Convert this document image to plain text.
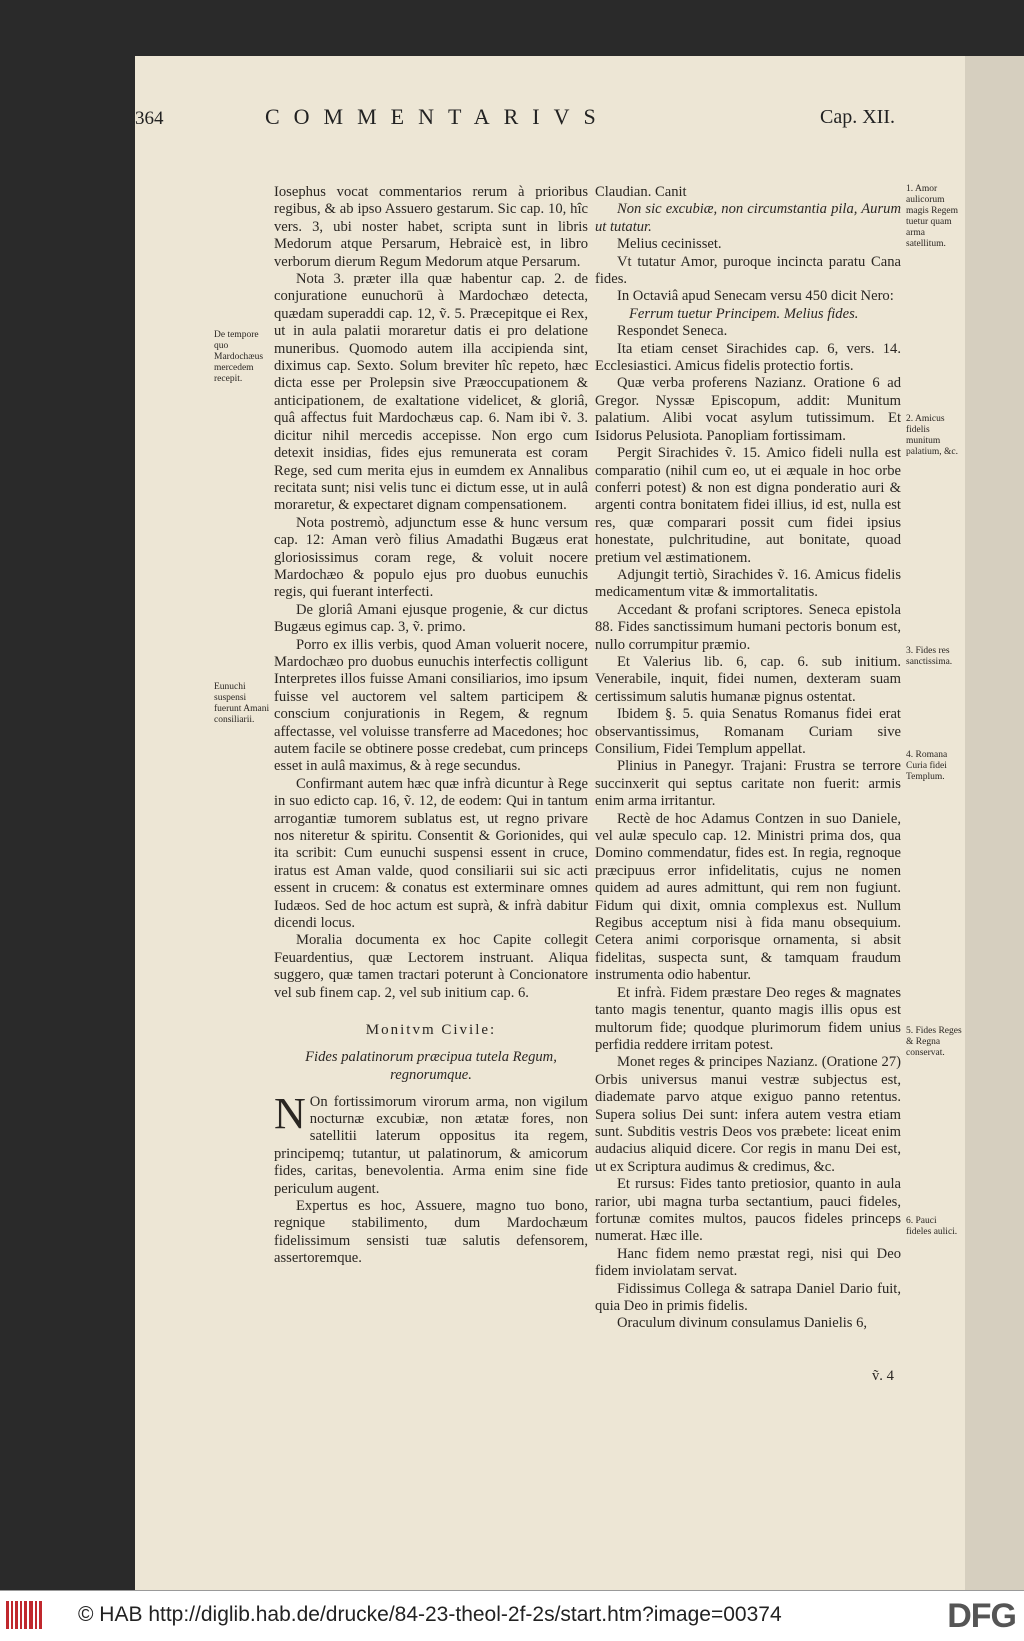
364	COMMENTARIVS	Cap. XII.

Iosephus vocat commentarios rerum à prioribus regibus, & ab ipso Assuero gestarum. Sic cap. 10, hîc vers. 3, ubi noster habet, scripta sunt in libris Medorum atque Persarum, Hebraicè est, in libro verborum dierum Regum Medorum atque Persarum.

Nota 3. præter illa quæ habentur cap. 2. de conjuratione eunuchorū à Mardochæo detecta, quædam superaddi cap. 12, ṽ. 5. Præcepitque ei Rex, ut in aula palatii moraretur datis ei pro delatione muneribus. Quomodo autem illa accipienda sint, diximus cap. Sexto. Solum breviter hîc repeto, hæc dicta esse per Prolepsin sive Præoccupationem & anticipationem, de exaltatione videlicet, & gloriâ, quâ affectus fuit Mardochæus cap. 6. Nam ibi ṽ. 3. dicitur nihil mercedis accepisse. Non ergo cum detexit insidias, fides ejus remunerata est coram Rege, sed cum merita ejus in eumdem ex Annalibus recitata sunt; nisi velis tunc ei dictum esse, ut in aulâ moraretur, & expectaret dignam compensationem.

Nota postremò, adjunctum esse & hunc versum cap. 12: Aman verò filius Amadathi Bugæus erat gloriosissimus coram rege, & voluit nocere Mardochæo & populo ejus pro duobus eunuchis regis, qui fuerant interfecti.

De gloriâ Amani ejusque progenie, & cur dictus Bugæus egimus cap. 3, ṽ. primo.

Porro ex illis verbis, quod Aman voluerit nocere, Mardochæo pro duobus eunuchis interfectis colligunt Interpretes illos fuisse Amani consiliarios, imo ipsum fuisse vel auctorem vel saltem participem & conscium conjurationis in Regem, & regnum affectasse, vel voluisse transferre ad Macedones; hoc autem facile se obtinere posse credebat, cum princeps esset in aulâ maximus, & à rege secundus.

Confirmant autem hæc quæ infrà dicuntur à Rege in suo edicto cap. 16, ṽ. 12, de eodem: Qui in tantum arrogantiæ tumorem sublatus est, ut regno privare nos niteretur & spiritu. Consentit & Gorionides, qui ita scribit: Cum eunuchi suspensi essent in cruce, iratus est Aman valde, quod consiliarii sui sic acti essent in crucem: & conatus est exterminare omnes Iudæos. Sed de hoc actum est suprà, & infrà dabitur dicendi locus.

Moralia documenta ex hoc Capite collegit Feuardentius, quæ Lectorem instruant. Aliqua suggero, quæ tamen tractari poterunt à Concionatore vel sub finem cap. 2, vel sub initium cap. 6.

Monitvm Civile:
Fides palatinorum præcipua tutela Regum, regnorumque.

N On fortissimorum virorum arma, non vigilum nocturnæ excubiæ, non ætatæ fores, non satellitii laterum oppositus ita regem, principemq; tutantur, ut palatinorum, & amicorum fides, caritas, benevolentia. Arma enim sine fide periculum augent.

Expertus es hoc, Assuere, magno tuo bono, regnique stabilimento, dum Mardochæum fidelissimum sensisti tuæ salutis defensorem, assertoremque.

Claudian. Canit

Non sic excubiæ, non circumstantia pila, Aurum ut tutatur.

Melius cecinisset.

Vt tutatur Amor, puroque incincta paratu Cana fides.

In Octaviâ apud Senecam versu 450 dicit Nero:

Ferrum tuetur Principem. Melius fides.

Respondet Seneca.

Ita etiam censet Sirachides cap. 6, vers. 14. Ecclesiastici. Amicus fidelis protectio fortis.

Quæ verba proferens Nazianz. Oratione 6 ad Gregor. Nyssæ Episcopum, addit: Munitum palatium. Alibi vocat asylum tutissimum. Et Isidorus Pelusiota. Panopliam fortissimam.

Pergit Sirachides ṽ. 15. Amico fideli nulla est comparatio (nihil cum eo, ut ei æquale in hoc orbe conferri potest) & non est digna ponderatio auri & argenti contra bonitatem fidei illius, id est, nulla est res, quæ comparari possit cum fidei ipsius honestate, pulchritudine, aut bonitate, quoad pretium vel æstimationem.

Adjungit tertiò, Sirachides ṽ. 16. Amicus fidelis medicamentum vitæ & immortalitatis.

Accedant & profani scriptores. Seneca epistola 88. Fides sanctissimum humani pectoris bonum est, nullo corrumpitur præmio.

Et Valerius lib. 6, cap. 6. sub initium. Venerabile, inquit, fidei numen, dexteram suam certissimum salutis humanæ pignus ostentat.

Ibidem §. 5. quia Senatus Romanus fidei erat observantissimus, Romanam Curiam sive Consilium, Fidei Templum appellat.

Plinius in Panegyr. Trajani: Frustra se terrore succinxerit qui septus caritate non fuerit: armis enim arma irritantur.

Rectè de hoc Adamus Contzen in suo Daniele, vel aulæ speculo cap. 12. Ministri prima dos, qua Domino commendatur, fides est. In regia, regnoque præcipuus error infidelitatis, cujus ne nomen quidem ad aures admittunt, qui rem non fugiunt. Fidum qui dixit, omnia complexus est. Nullum Regibus acceptum nisi à fida manu obsequium. Cetera animi corporisque ornamenta, si absit fidelitas, suspecta sunt, & tamquam fraudum instrumenta odio habentur.

Et infrà. Fidem præstare Deo reges & magnates tanto magis tenentur, quanto magis illis opus est multorum fide; quodque plurimorum fidem unius perfidia reddere irritam potest.

Monet reges & principes Nazianz. (Oratione 27) Orbis universus manui vestræ subjectus est, diademate parvo atque exiguo panno retentus. Supera solius Dei sunt: infera autem vestra etiam sunt. Subditis vestris Deos vos præbete: liceat enim audacius aliquid dicere. Cor regis in manu Dei est, ut ex Scriptura audimus & credimus, &c.

Et rursus: Fides tanto pretiosior, quanto in aula rarior, ubi magna turba sectantium, pauci fideles, fortunæ comites multos, paucos fideles princeps numerat. Hæc ille.

Hanc fidem nemo præstat regi, nisi qui Deo fidem inviolatam servat.

Fidissimus Collega & satrapa Daniel Dario fuit, quia Deo in primis fidelis.

Oraculum divinum consulamus Danielis 6,

ṽ. 4
De tempore quo Mardochæus mercedem recepit.
Eunuchi suspensi fuerunt Amani consiliarii.
1. Amor aulicorum magis Regem tuetur quam arma satellitum.
2. Amicus fidelis munitum palatium, &c.
3. Fides res sanctissima.
4. Romana Curia fidei Templum.
5. Fides Reges & Regna conservat.
6. Pauci fideles aulici.
© HAB http://diglib.hab.de/drucke/84-23-theol-2f-2s/start.htm?image=00374	DFG
